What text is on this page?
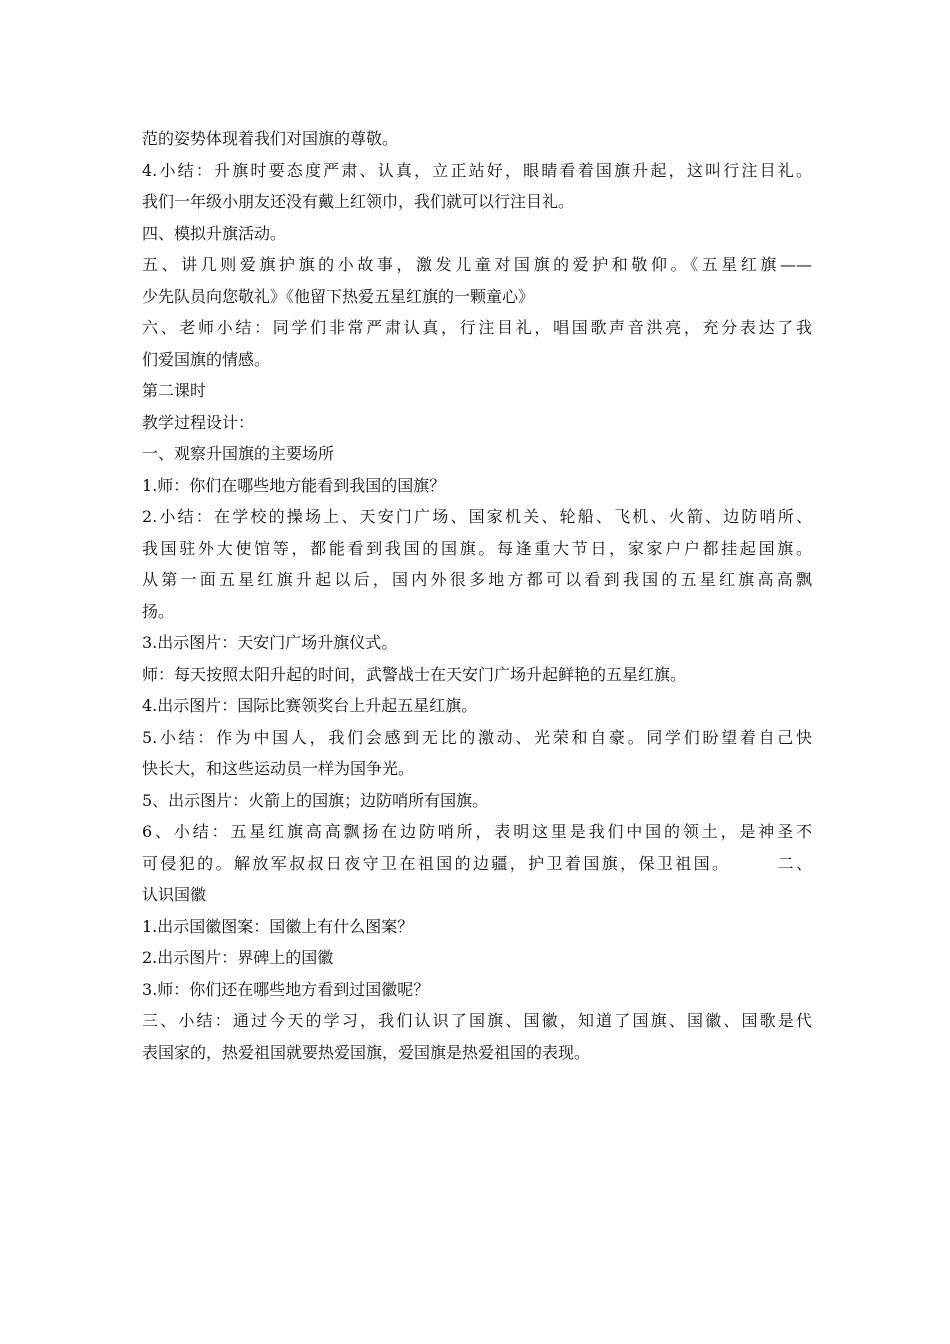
范的姿势体现着我们对国旗的尊敬。
4.小结：升旗时要态度严肃、认真，立正站好，眼睛看着国旗升起，这叫行注目礼。
我们一年级小朋友还没有戴上红领巾，我们就可以行注目礼。
四、模拟升旗活动。
五、讲几则爱旗护旗的小故事，激发儿童对国旗的爱护和敬仰。《五星红旗——
少先队员向您敬礼》《他留下热爱五星红旗的一颗童心》
六、老师小结：同学们非常严肃认真，行注目礼，唱国歌声音洪亮，充分表达了我
们爱国旗的情感。
第二课时
教学过程设计：
一、观察升国旗的主要场所
1.师：你们在哪些地方能看到我国的国旗？
2.小结：在学校的操场上、天安门广场、国家机关、轮船、飞机、火箭、边防哨所、
我国驻外大使馆等，都能看到我国的国旗。每逢重大节日，家家户户都挂起国旗。
从第一面五星红旗升起以后，国内外很多地方都可以看到我国的五星红旗高高飘
扬。
3.出示图片：天安门广场升旗仪式。
师：每天按照太阳升起的时间，武警战士在天安门广场升起鲜艳的五星红旗。
4.出示图片：国际比赛领奖台上升起五星红旗。
5.小结：作为中国人，我们会感到无比的激动、光荣和自豪。同学们盼望着自己快
快长大，和这些运动员一样为国争光。
5、出示图片：火箭上的国旗；边防哨所有国旗。
6、小结：五星红旗高高飘扬在边防哨所，表明这里是我们中国的领土，是神圣不
可侵犯的。解放军叔叔日夜守卫在祖国的边疆，护卫着国旗，保卫祖国。　　　二、
认识国徽
1.出示国徽图案：国徽上有什么图案？
2.出示图片：界碑上的国徽
3.师：你们还在哪些地方看到过国徽呢？
三、小结：通过今天的学习，我们认识了国旗、国徽，知道了国旗、国徽、国歌是代
表国家的，热爱祖国就要热爱国旗，爱国旗是热爱祖国的表现。
